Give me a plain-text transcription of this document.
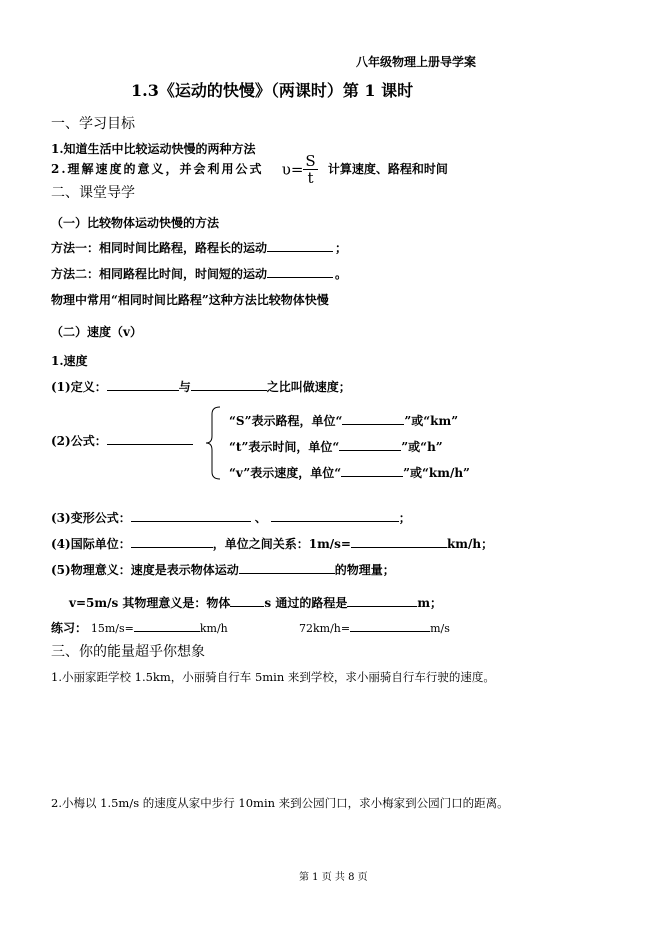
八年级物理上册导学案
1.3《运动的快慢》（两课时）第 1 课时
一、学习目标
1.知道生活中比较运动快慢的两种方法
2.理解速度的意义，并会利用公式 $\upsilon= \frac{S}{t}$ 计算速度、路程和时间
二、课堂导学
（一）比较物体运动快慢的方法
方法一：相同时间比路程，路程长的运动	；
方法二：相同路程比时间，时间短的运动	。
物理中常用“相同时间比路程”这种方法比较物体快慢
（二）速度（v）
1.速度
(1)定义：	与	之比叫做速度；
(2)公式：
“S”表示路程，单位“	”或“km”
“t”表示时间，单位“	”或“h”
“v”表示速度，单位“	”或“km/h”
(3)变形公式：	、	；
(4)国际单位：	，单位之间关系：1m/s=	km/h；
(5)物理意义：速度是表示物体运动	的物理量；
v=5m/s 其物理意义是：物体	s 通过的路程是	m；
练习： 15m/s=	km/h	72km/h=	m/s
三、你的能量超乎你想象
1.小丽家距学校 1.5km，小丽骑自行车 5min 来到学校，求小丽骑自行车行驶的速度。
2.小梅以 1.5m/s 的速度从家中步行 10min 来到公园门口，求小梅家到公园门口的距离。
第 1 页 共 8 页
